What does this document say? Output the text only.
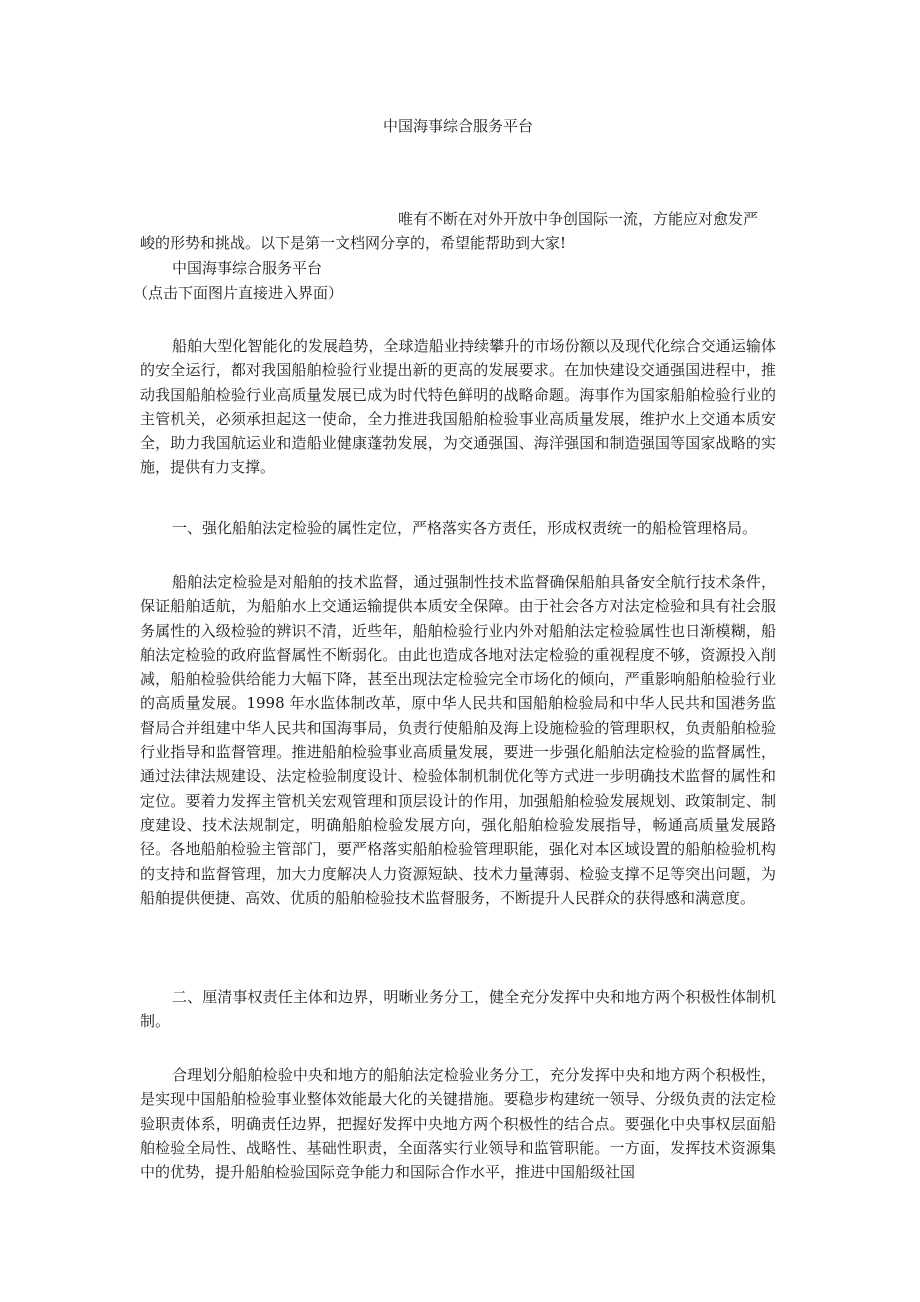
中国海事综合服务平台

唯有不断在对外开放中争创国际一流，方能应对愈发严

峻的形势和挑战。以下是第一文档网分享的，希望能帮助到大家!

中国海事综合服务平台

（点击下面图片直接进入界面）

船舶大型化智能化的发展趋势，全球造船业持续攀升的市场份额以及现代化综合交通运输体的安全运行，都对我国船舶检验行业提出新的更高的发展要求。在加快建设交通强国进程中，推动我国船舶检验行业高质量发展已成为时代特色鲜明的战略命题。海事作为国家船舶检验行业的主管机关，必须承担起这一使命，全力推进我国船舶检验事业高质量发展，维护水上交通本质安全，助力我国航运业和造船业健康蓬勃发展，为交通强国、海洋强国和制造强国等国家战略的实施，提供有力支撑。

一、强化船舶法定检验的属性定位，严格落实各方责任，形成权责统一的船检管理格局。

船舶法定检验是对船舶的技术监督，通过强制性技术监督确保船舶具备安全航行技术条件，保证船舶适航，为船舶水上交通运输提供本质安全保障。由于社会各方对法定检验和具有社会服务属性的入级检验的辨识不清，近些年，船舶检验行业内外对船舶法定检验属性也日渐模糊，船舶法定检验的政府监督属性不断弱化。由此也造成各地对法定检验的重视程度不够，资源投入削减，船舶检验供给能力大幅下降，甚至出现法定检验完全市场化的倾向，严重影响船舶检验行业的高质量发展。1998 年水监体制改革，原中华人民共和国船舶检验局和中华人民共和国港务监督局合并组建中华人民共和国海事局，负责行使船舶及海上设施检验的管理职权，负责船舶检验行业指导和监督管理。推进船舶检验事业高质量发展，要进一步强化船舶法定检验的监督属性，通过法律法规建设、法定检验制度设计、检验体制机制优化等方式进一步明确技术监督的属性和定位。要着力发挥主管机关宏观管理和顶层设计的作用，加强船舶检验发展规划、政策制定、制度建设、技术法规制定，明确船舶检验发展方向，强化船舶检验发展指导，畅通高质量发展路径。各地船舶检验主管部门，要严格落实船舶检验管理职能，强化对本区域设置的船舶检验机构的支持和监督管理，加大力度解决人力资源短缺、技术力量薄弱、检验支撑不足等突出问题，为船舶提供便捷、高效、优质的船舶检验技术监督服务，不断提升人民群众的获得感和满意度。

二、厘清事权责任主体和边界，明晰业务分工，健全充分发挥中央和地方两个积极性体制机制。

合理划分船舶检验中央和地方的船舶法定检验业务分工，充分发挥中央和地方两个积极性，是实现中国船舶检验事业整体效能最大化的关键措施。要稳步构建统一领导、分级负责的法定检验职责体系，明确责任边界，把握好发挥中央地方两个积极性的结合点。要强化中央事权层面船舶检验全局性、战略性、基础性职责，全面落实行业领导和监管职能。一方面，发挥技术资源集中的优势，提升船舶检验国际竞争能力和国际合作水平，推进中国船级社国
